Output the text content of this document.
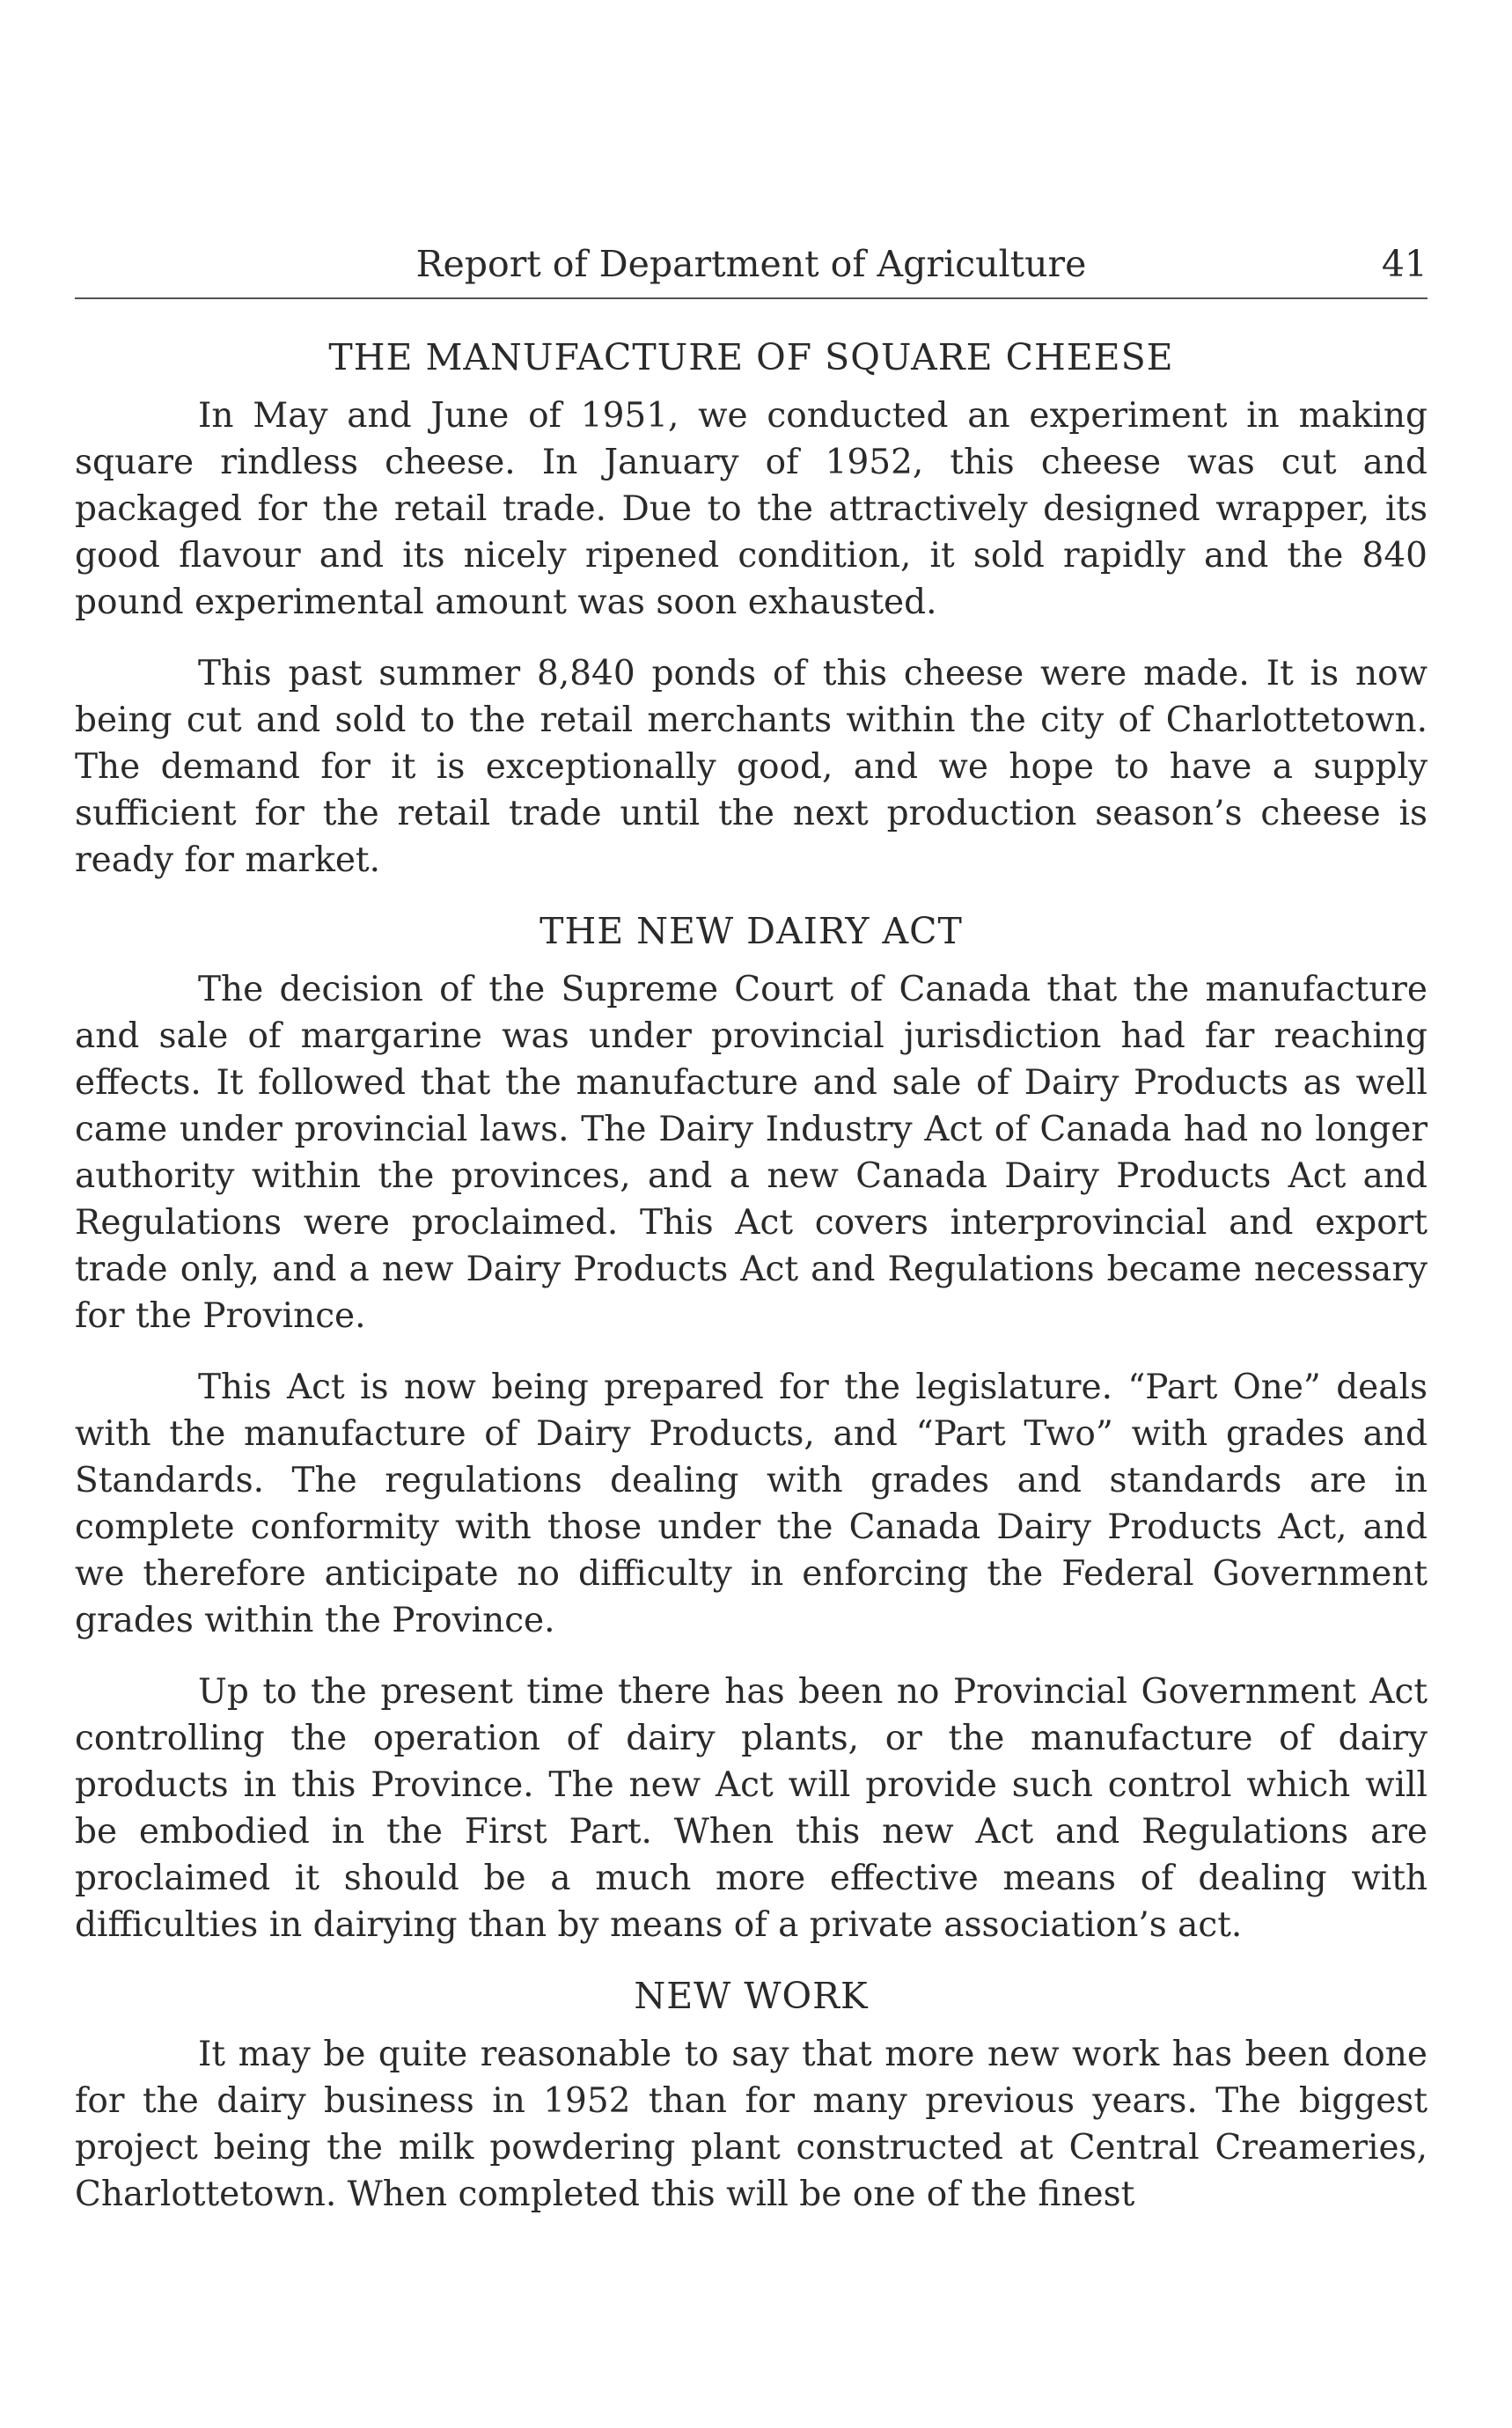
Report of Department of Agriculture	41
THE MANUFACTURE OF SQUARE CHEESE

In May and June of 1951, we conducted an experiment in making square rindless cheese. In January of 1952, this cheese was cut and packaged for the retail trade. Due to the attractively designed wrapper, its good flavour and its nicely ripened condition, it sold rapidly and the 840 pound experimental amount was soon exhausted.

This past summer 8,840 ponds of this cheese were made. It is now being cut and sold to the retail merchants within the city of Charlottetown. The demand for it is exceptionally good, and we hope to have a supply sufficient for the retail trade until the next production season’s cheese is ready for market.

THE NEW DAIRY ACT

The decision of the Supreme Court of Canada that the manufacture and sale of margarine was under provincial jurisdiction had far reaching effects. It followed that the manufacture and sale of Dairy Products as well came under provincial laws. The Dairy Industry Act of Canada had no longer authority within the provinces, and a new Canada Dairy Products Act and Regulations were proclaimed. This Act covers interprovincial and export trade only, and a new Dairy Products Act and Regulations became necessary for the Province.

This Act is now being prepared for the legislature. “Part One” deals with the manufacture of Dairy Products, and “Part Two” with grades and Standards. The regulations dealing with grades and standards are in complete conformity with those under the Canada Dairy Products Act, and we therefore anticipate no difficulty in enforcing the Federal Government grades within the Province.

Up to the present time there has been no Provincial Government Act controlling the operation of dairy plants, or the manufacture of dairy products in this Province. The new Act will provide such control which will be embodied in the First Part. When this new Act and Regulations are proclaimed it should be a much more effective means of dealing with difficulties in dairying than by means of a private association’s act.

NEW WORK

It may be quite reasonable to say that more new work has been done for the dairy business in 1952 than for many previous years. The biggest project being the milk powdering plant constructed at Central Creameries, Charlottetown. When completed this will be one of the finest
